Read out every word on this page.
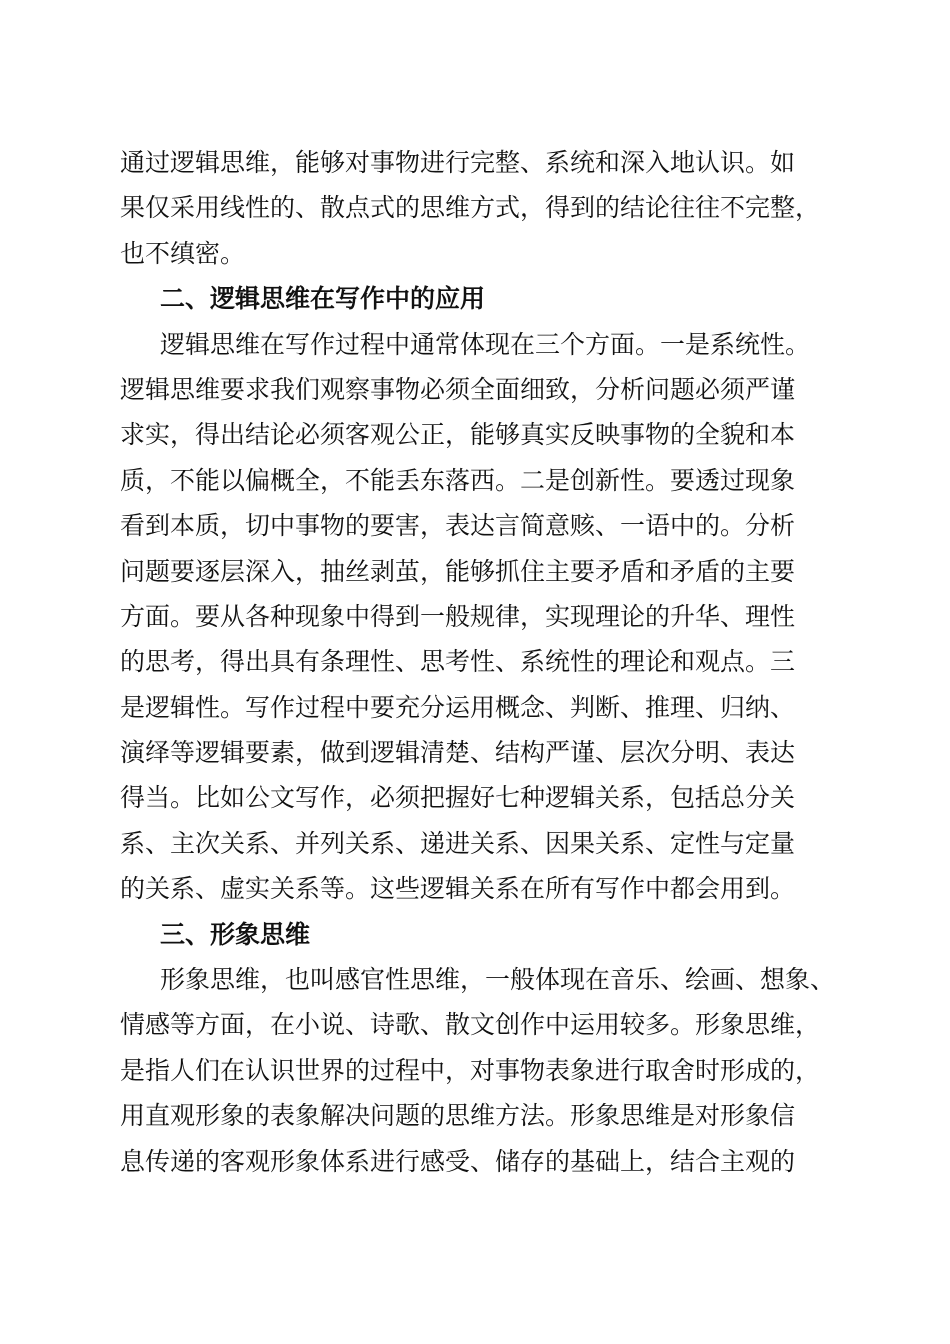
通过逻辑思维，能够对事物进行完整、系统和深入地认识。如
果仅采用线性的、散点式的思维方式，得到的结论往往不完整，
也不缜密。
二、逻辑思维在写作中的应用
逻辑思维在写作过程中通常体现在三个方面。一是系统性。
逻辑思维要求我们观察事物必须全面细致，分析问题必须严谨
求实，得出结论必须客观公正，能够真实反映事物的全貌和本
质，不能以偏概全，不能丢东落西。二是创新性。要透过现象
看到本质，切中事物的要害，表达言简意赅、一语中的。分析
问题要逐层深入，抽丝剥茧，能够抓住主要矛盾和矛盾的主要
方面。要从各种现象中得到一般规律，实现理论的升华、理性
的思考，得出具有条理性、思考性、系统性的理论和观点。三
是逻辑性。写作过程中要充分运用概念、判断、推理、归纳、
演绎等逻辑要素，做到逻辑清楚、结构严谨、层次分明、表达
得当。比如公文写作，必须把握好七种逻辑关系，包括总分关
系、主次关系、并列关系、递进关系、因果关系、定性与定量
的关系、虚实关系等。这些逻辑关系在所有写作中都会用到。
三、形象思维
形象思维，也叫感官性思维，一般体现在音乐、绘画、想象、
情感等方面，在小说、诗歌、散文创作中运用较多。形象思维，
是指人们在认识世界的过程中，对事物表象进行取舍时形成的，
用直观形象的表象解决问题的思维方法。形象思维是对形象信
息传递的客观形象体系进行感受、储存的基础上，结合主观的
